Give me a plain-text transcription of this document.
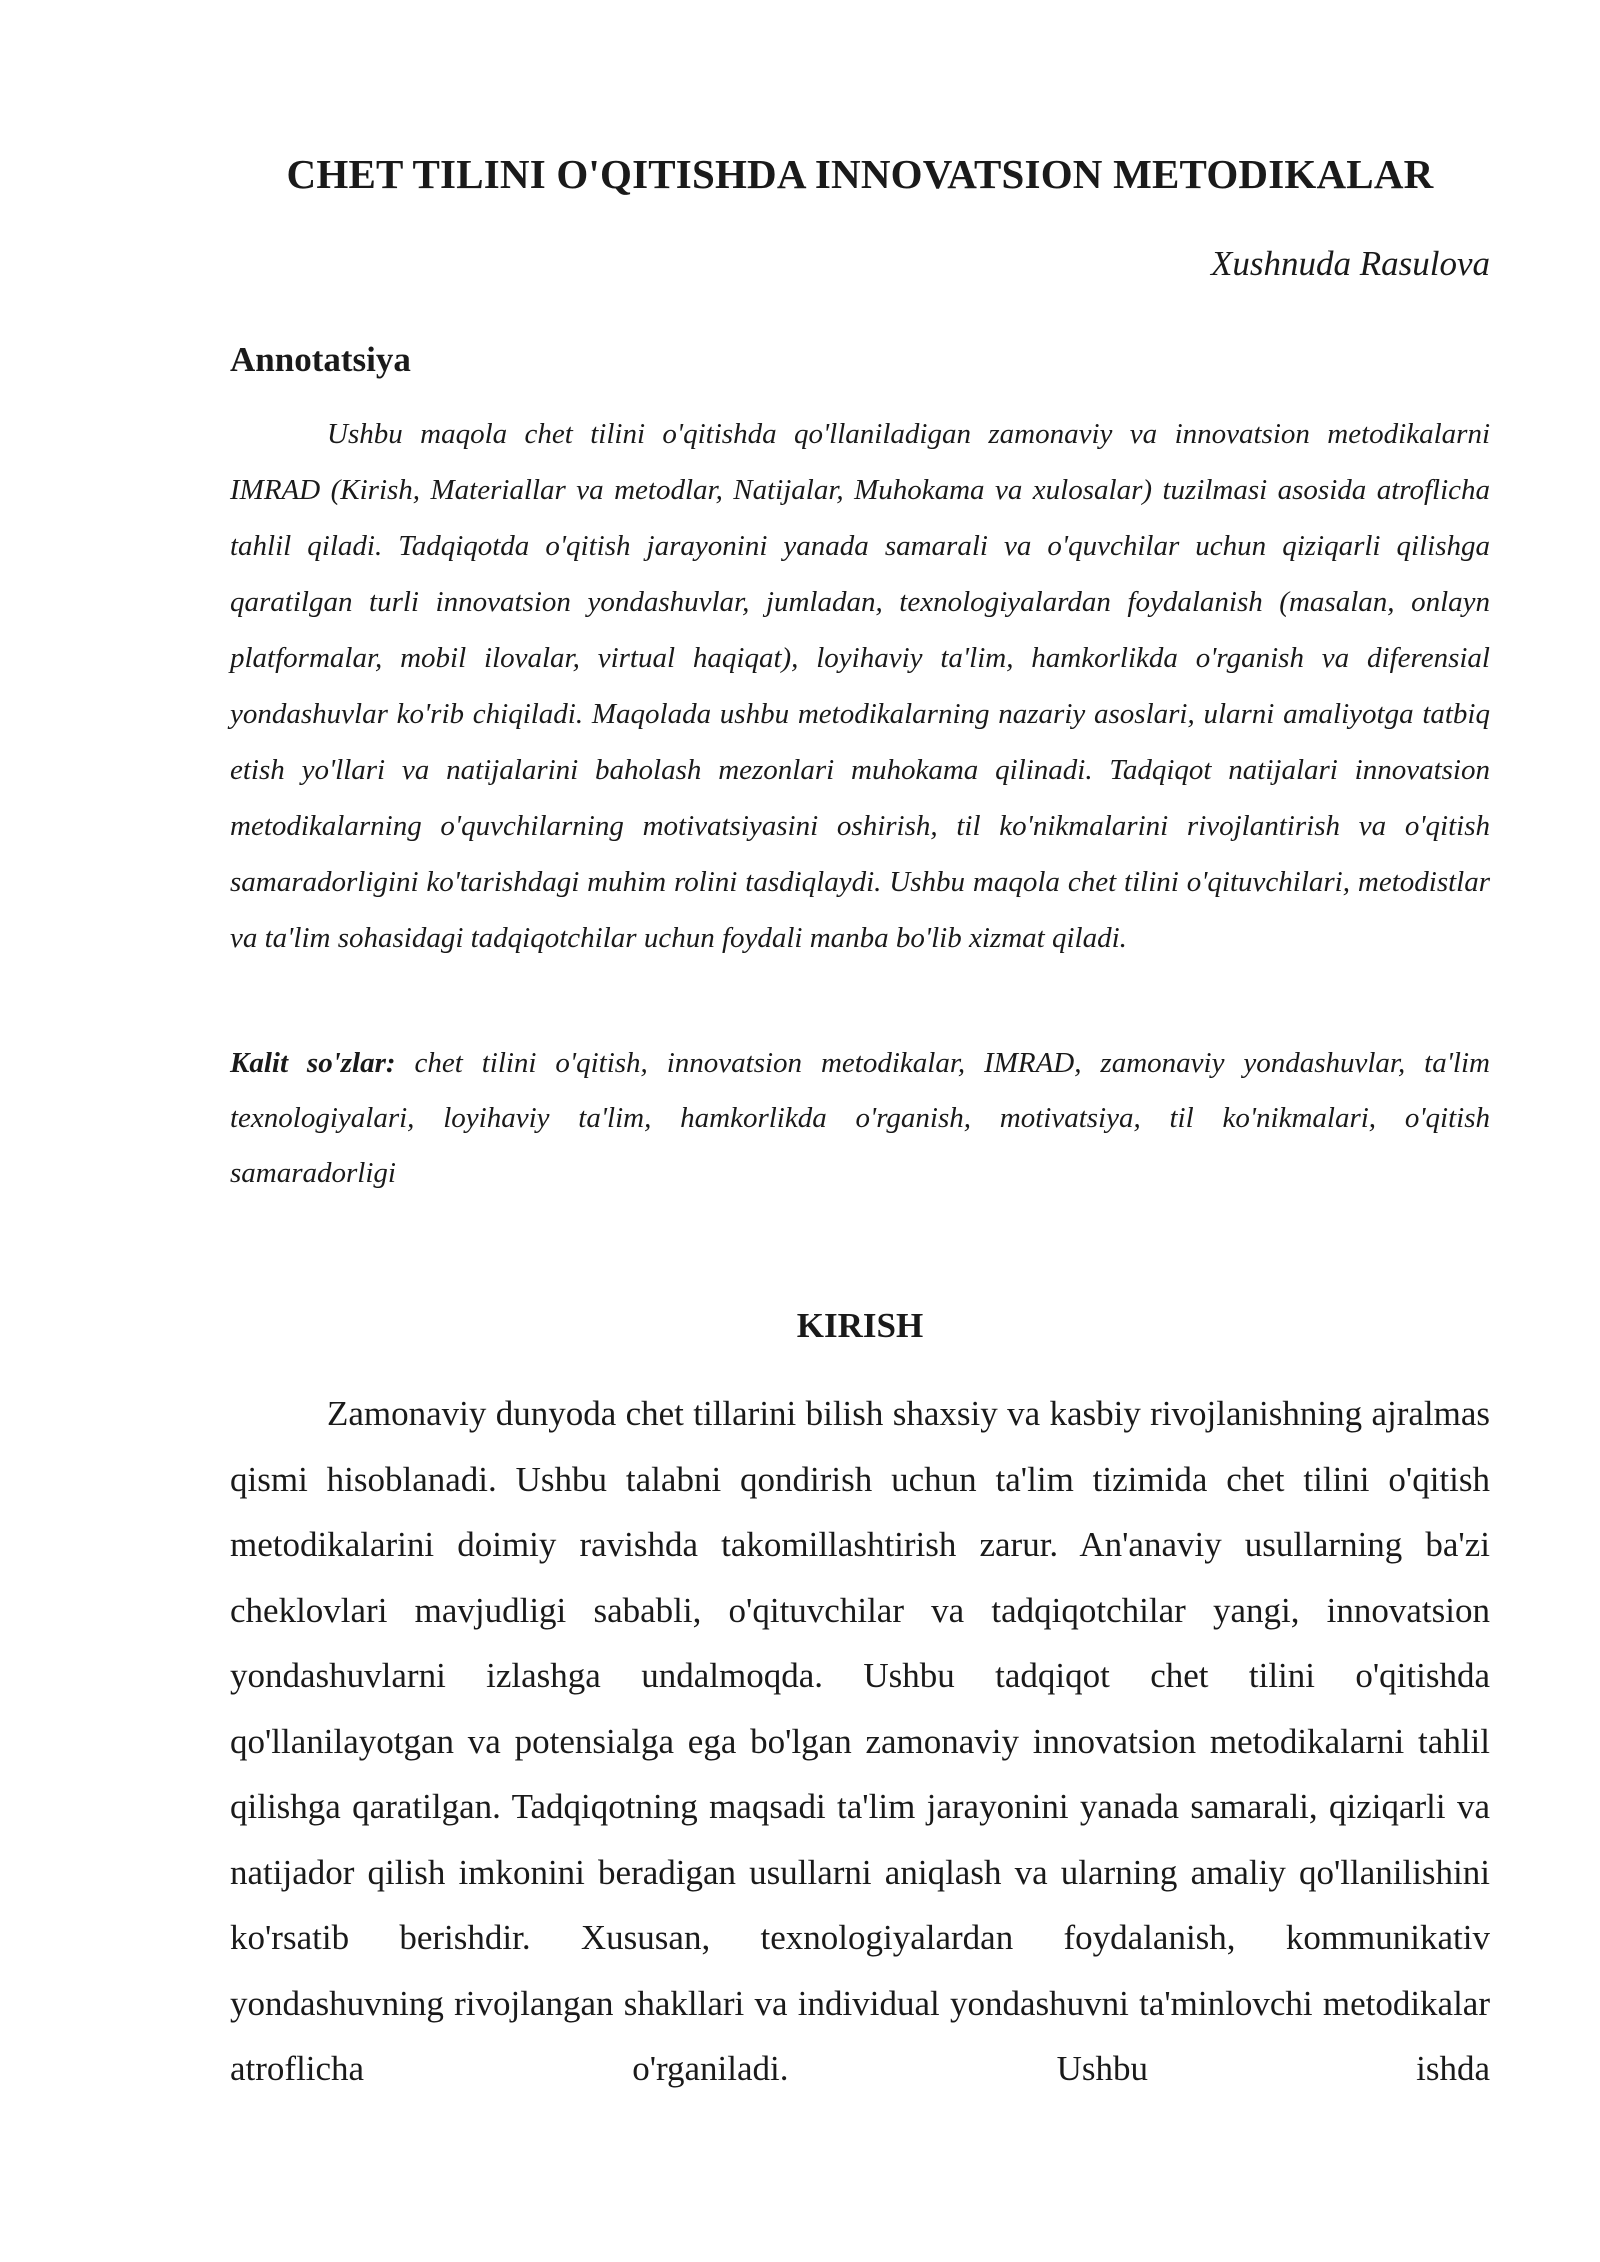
CHET TILINI O'QITISHDA INNOVATSION METODIKALAR

Xushnuda Rasulova

Annotatsiya

Ushbu maqola chet tilini o'qitishda qo'llaniladigan zamonaviy va innovatsion metodikalarni IMRAD (Kirish, Materiallar va metodlar, Natijalar, Muhokama va xulosalar) tuzilmasi asosida atroflicha tahlil qiladi. Tadqiqotda o'qitish jarayonini yanada samarali va o'quvchilar uchun qiziqarli qilishga qaratilgan turli innovatsion yondashuvlar, jumladan, texnologiyalardan foydalanish (masalan, onlayn platformalar, mobil ilovalar, virtual haqiqat), loyihaviy ta'lim, hamkorlikda o'rganish va diferensial yondashuvlar ko'rib chiqiladi. Maqolada ushbu metodikalarning nazariy asoslari, ularni amaliyotga tatbiq etish yo'llari va natijalarini baholash mezonlari muhokama qilinadi. Tadqiqot natijalari innovatsion metodikalarning o'quvchilarning motivatsiyasini oshirish, til ko'nikmalarini rivojlantirish va o'qitish samaradorligini ko'tarishdagi muhim rolini tasdiqlaydi. Ushbu maqola chet tilini o'qituvchilari, metodistlar va ta'lim sohasidagi tadqiqotchilar uchun foydali manba bo'lib xizmat qiladi.

Kalit so'zlar: chet tilini o'qitish, innovatsion metodikalar, IMRAD, zamonaviy yondashuvlar, ta'lim texnologiyalari, loyihaviy ta'lim, hamkorlikda o'rganish, motivatsiya, til ko'nikmalari, o'qitish samaradorligi

KIRISH

Zamonaviy dunyoda chet tillarini bilish shaxsiy va kasbiy rivojlanishning ajralmas qismi hisoblanadi. Ushbu talabni qondirish uchun ta'lim tizimida chet tilini o'qitish metodikalarini doimiy ravishda takomillashtirish zarur. An'anaviy usullarning ba'zi cheklovlari mavjudligi sababli, o'qituvchilar va tadqiqotchilar yangi, innovatsion yondashuvlarni izlashga undalmoqda. Ushbu tadqiqot chet tilini o'qitishda qo'llanilayotgan va potensialga ega bo'lgan zamonaviy innovatsion metodikalarni tahlil qilishga qaratilgan. Tadqiqotning maqsadi ta'lim jarayonini yanada samarali, qiziqarli va natijador qilish imkonini beradigan usullarni aniqlash va ularning amaliy qo'llanilishini ko'rsatib berishdir. Xususan, texnologiyalardan foydalanish, kommunikativ yondashuvning rivojlangan shakllari va individual yondashuvni ta'minlovchi metodikalar atroflicha o'rganiladi. Ushbu ishda
